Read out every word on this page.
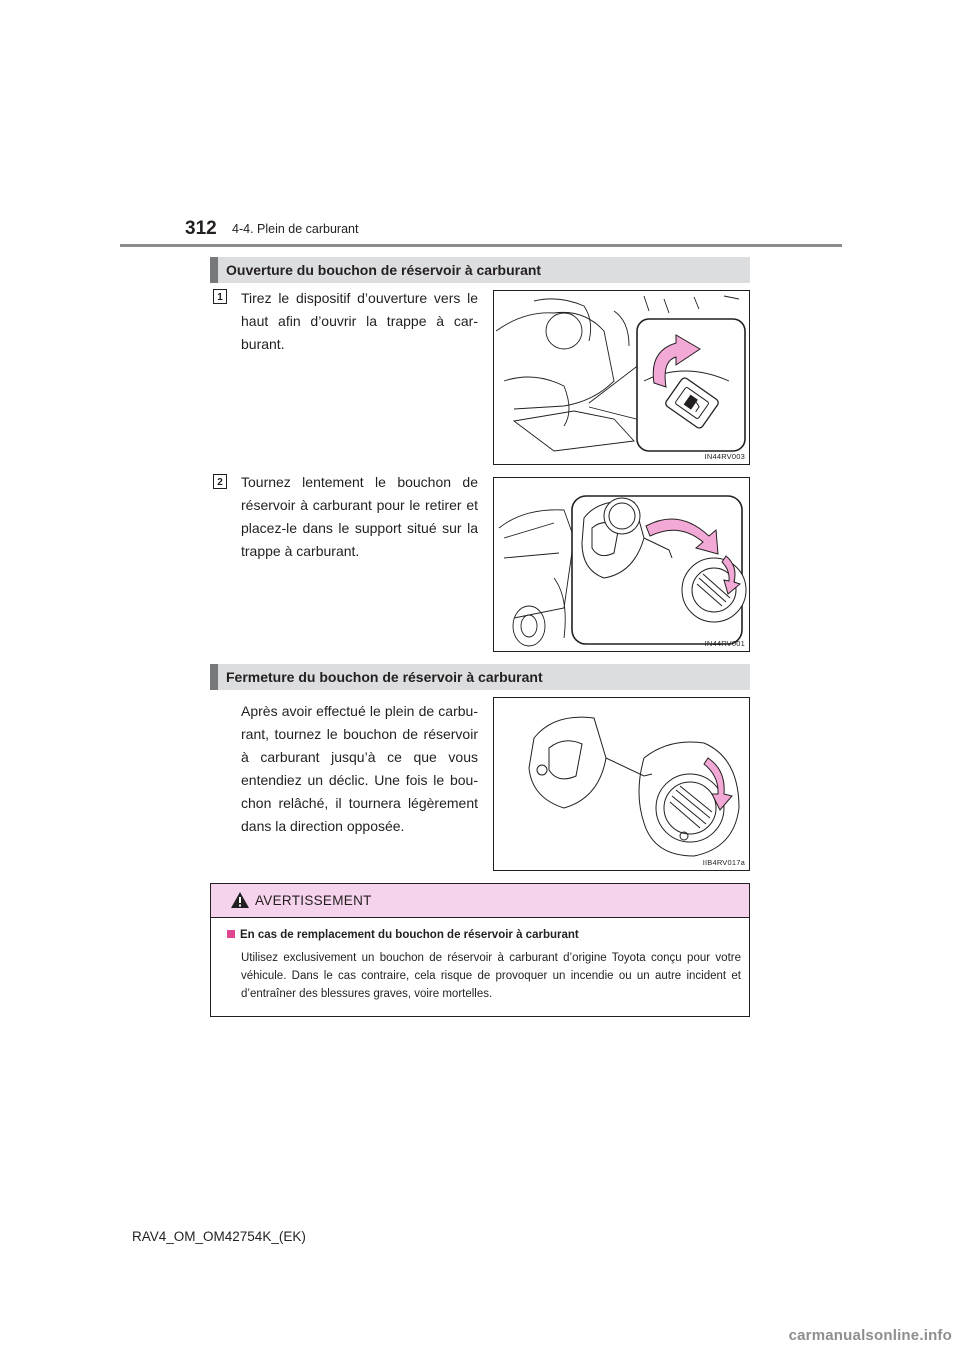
312 4-4. Plein de carburant
Ouverture du bouchon de réservoir à carburant
1	Tirez le dispositif d’ouverture vers le haut afin d’ouvrir la trappe à carburant.
IN44RV003
2	Tournez lentement le bouchon de réservoir à carburant pour le retirer et placez-le dans le support situé sur la trappe à carburant.
IN44RV001
Fermeture du bouchon de réservoir à carburant
Après avoir effectué le plein de carburant, tournez le bouchon de réservoir à carburant jusqu’à ce que vous entendiez un déclic. Une fois le bouchon relâché, il tournera légèrement dans la direction opposée.
IIB4RV017a
AVERTISSEMENT
En cas de remplacement du bouchon de réservoir à carburant
Utilisez exclusivement un bouchon de réservoir à carburant d’origine Toyota conçu pour votre véhicule. Dans le cas contraire, cela risque de provoquer un incendie ou un autre incident et d’entraîner des blessures graves, voire mortelles.
RAV4_OM_OM42754K_(EK)
carmanualsonline.info
